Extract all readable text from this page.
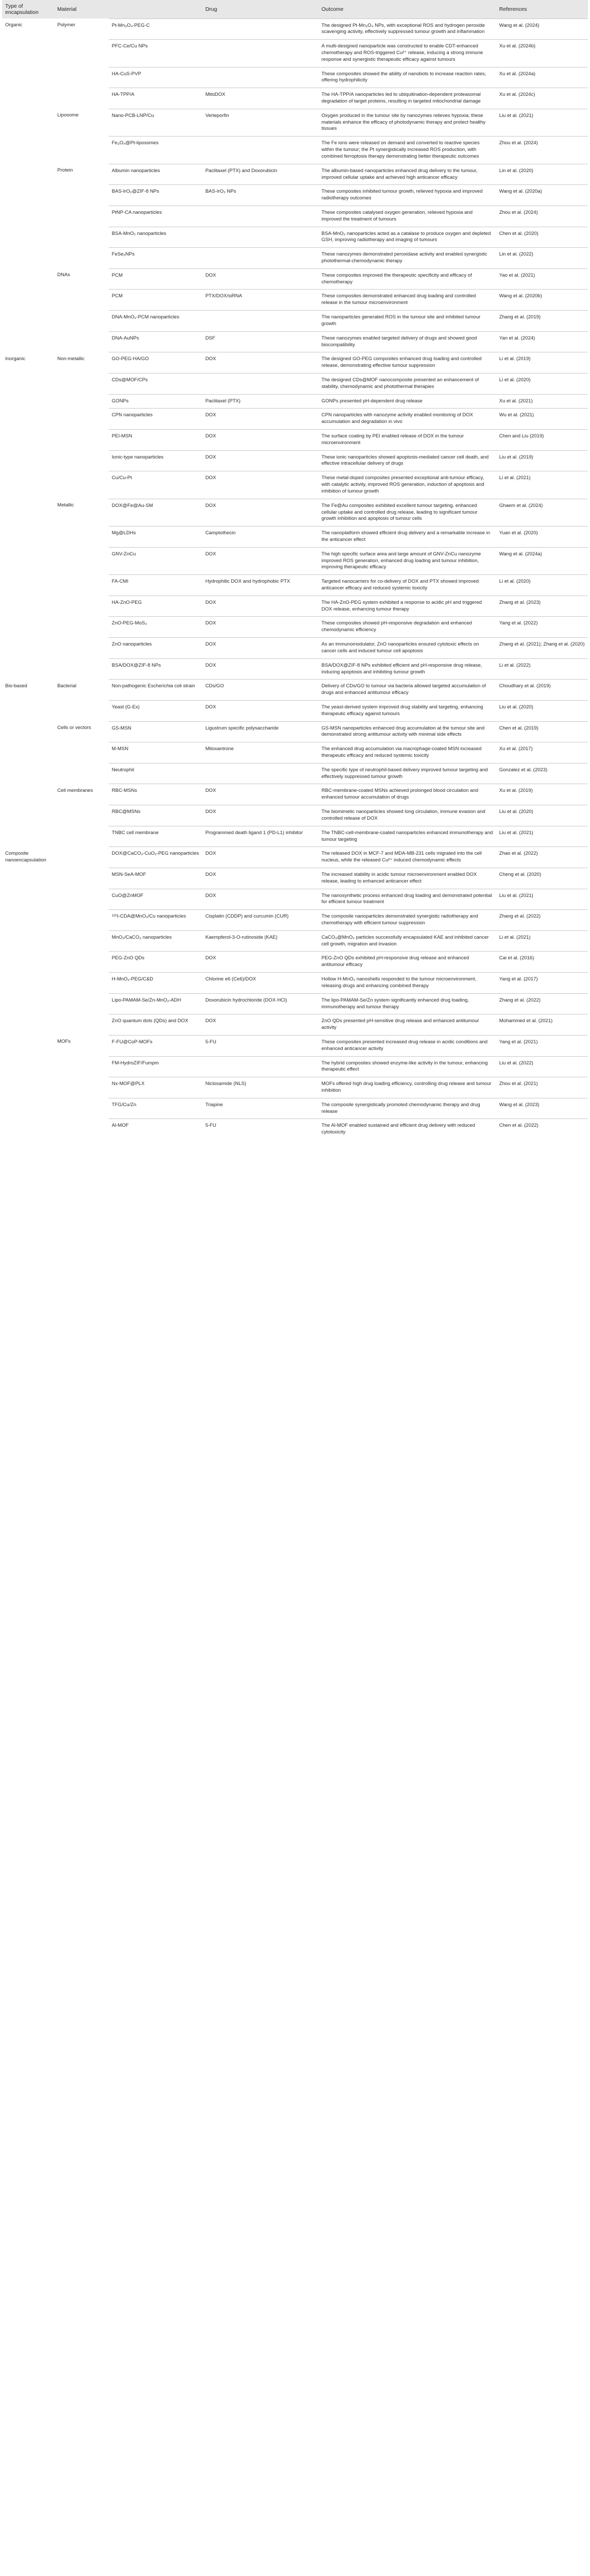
Type of encapsulation	Material		Drug	Outcome	References
Organic	Polymer	Pt-Mn₃O₄-PEG-C		The designed Pt-Mn₃O₄ NPs, with exceptional ROS and hydrogen peroxide scavenging activity, effectively suppressed tumour growth and inflammation	Wang et al. (2024)
		PFC-Ce/Cu NPs		A multi-designed nanoparticle was constructed to enable CDT-enhanced chemotherapy and ROS-triggered Cu²⁺ release, inducing a strong immune response and synergistic therapeutic efficacy against tumours	Xu et al. (2024b)
		HA-CuS-PVP		These composites showed the ability of nanobots to increase reaction rates, offering hydrophilicity	Xu et al. (2024a)
		HA-TPP/A	MitoDOX	The HA-TPP/A nanoparticles led to ubiquitination-dependent proteasomal degradation of target proteins, resulting in targeted mitochondrial damage	Xu et al. (2024c)
	Liposome	Nano-PCB-LNP/Cu	Verteporfin	Oxygen produced in the tumour site by nanozymes relieves hypoxia; these materials enhance the efficacy of photodynamic therapy and protect healthy tissues	Liu et al. (2021)
		Fe₃O₄@Pt-liposomes		The Fe ions were released on demand and converted to reactive species within the tumour; the Pt synergistically increased ROS production, with combined ferroptosis therapy demonstrating better therapeutic outcomes	Zhou et al. (2024)
	Protein	Albumin nanoparticles	Paclitaxel (PTX) and Doxorubicin	The albumin-based nanoparticles enhanced drug delivery to the tumour, improved cellular uptake and achieved high anticancer efficacy	Lin et al. (2020)
		BAS-IrO₂@ZIF-8 NPs	BAS-IrO₂ NPs	These composites inhibited tumour growth, relieved hypoxia and improved radiotherapy outcomes	Wang et al. (2020a)
		PtNP-CA nanoparticles		These composites catalysed oxygen generation, relieved hypoxia and improved the treatment of tumours	Zhou et al. (2024)
		BSA-MnO₂ nanoparticles		BSA-MnO₂ nanoparticles acted as a catalase to produce oxygen and depleted GSH, improving radiotherapy and imaging of tumours	Chen et al. (2020)
		FeSe₂NPs		These nanozymes demonstrated peroxidase activity and enabled synergistic photothermal-chemodynamic therapy	Lin et al. (2022)
	DNAs	PCM	DOX	These composites improved the therapeutic specificity and efficacy of chemotherapy	Yao et al. (2021)
		PCM	PTX/DOX/siRNA	These composites demonstrated enhanced drug loading and controlled release in the tumour microenvironment	Wang et al. (2020b)
		DNA-MnO₂-PCM nanoparticles		The nanoparticles generated ROS in the tumour site and inhibited tumour growth	Zhang et al. (2019)
		DNA-AuNPs	DSF	These nanozymes enabled targeted delivery of drugs and showed good biocompatibility	Yan et al. (2024)
Inorganic	Non-metallic	GO-PEG-HA/GO	DOX	The designed GO-PEG composites enhanced drug loading and controlled release, demonstrating effective tumour suppression	Li et al. (2019)
		CDs@MOF/CPs		The designed CDs@MOF nanocomposite presented an enhancement of stability, chemodynamic and photothermal therapies	Li et al. (2020)
		GONPs	Paclitaxel (PTX)	GONPs presented pH-dependent drug release	Xu et al. (2021)
		CPN nanoparticles	DOX	CPN nanoparticles with nanozyme activity enabled monitoring of DOX accumulation and degradation in vivo	Wu et al. (2021)
		PEI-MSN	DOX	The surface coating by PEI enabled release of DOX in the tumour microenvironment	Chen and Liu (2019)
		Ionic-type nanoparticles	DOX	These ionic nanoparticles showed apoptosis-mediated cancer cell death, and effective intracellular delivery of drugs	Liu et al. (2019)
		Cu/Cu-Pt	DOX	These metal-doped composites presented exceptional anti-tumour efficacy, with catalytic activity, improved ROS generation, induction of apoptosis and inhibition of tumour growth	Li et al. (2021)
	Metallic	DOX@Fe@Au-SM	DOX	The Fe@Au composites exhibited excellent tumour targeting, enhanced cellular uptake and controlled drug release, leading to significant tumour growth inhibition and apoptosis of tumour cells	Ghaem et al. (2024)
		Mg@LDHs	Camptothecin	The nanoplatform showed efficient drug delivery and a remarkable increase in the anticancer effect	Yuan et al. (2020)
		GNV-ZnCu	DOX	The high specific surface area and large amount of GNV-ZnCu nanozyme improved ROS generation, enhanced drug loading and tumour inhibition, improving therapeutic efficacy	Wang et al. (2024a)
		FA-CMI	Hydrophilic DOX and hydrophobic PTX	Targeted nanocarriers for co-delivery of DOX and PTX showed improved anticancer efficacy and reduced systemic toxicity	Li et al. (2020)
		HA-ZnO-PEG	DOX	The HA-ZnO-PEG system exhibited a response to acidic pH and triggered DOX release, enhancing tumour therapy	Zhang et al. (2023)
		ZnO-PEG-MoS₂	DOX	These composites showed pH-responsive degradation and enhanced chemodynamic efficiency	Yang et al. (2022)
		ZnO nanoparticles	DOX	As an immunomodulator, ZnO nanoparticles ensured cytotoxic effects on cancer cells and induced tumour cell apoptosis	Zhang et al. (2021); Zhang et al. (2020)
		BSA/DOX@ZIF-8 NPs	DOX	BSA/DOX@ZIF-8 NPs exhibited efficient and pH-responsive drug release, inducing apoptosis and inhibiting tumour growth	Li et al. (2022)
Bio-based	Bacterial	Non-pathogenic Escherichia coli strain	CDs/GO	Delivery of CDs/GO to tumour via bacteria allowed targeted accumulation of drugs and enhanced antitumour efficacy	Choudhary et al. (2019)
		Yeast (G-Ex)	DOX	The yeast-derived system improved drug stability and targeting, enhancing therapeutic efficacy against tumours	Liu et al. (2020)
	Cells or vectors	GS-MSN	Ligustrum specific polysaccharide	GS-MSN nanoparticles enhanced drug accumulation at the tumour site and demonstrated strong antitumour activity with minimal side effects	Chen et al. (2019)
		M-MSN	Mitoxantrone	The enhanced drug accumulation via macrophage-coated MSN increased therapeutic efficacy and reduced systemic toxicity	Xu et al. (2017)
		Neutrophil		The specific type of neutrophil-based delivery improved tumour targeting and effectively suppressed tumour growth	Gonzalez et al. (2023)
	Cell membranes	RBC-MSNs	DOX	RBC-membrane-coated MSNs achieved prolonged blood circulation and enhanced tumour accumulation of drugs	Xu et al. (2019)
		RBC@MSNs	DOX	The biomimetic nanoparticles showed long circulation, immune evasion and controlled release of DOX	Liu et al. (2020)
		TNBC cell membrane	Programmed death ligand 1 (PD-L1) inhibitor	The TNBC-cell-membrane-coated nanoparticles enhanced immunotherapy and tumour targeting	Liu et al. (2021)
Composite nanoencapsulation		DOX@CaCO₃-CuO₂-PEG nanoparticles	DOX	The released DOX in MCF-7 and MDA-MB-231 cells migrated into the cell nucleus, while the released Cu²⁺ induced chemodynamic effects	Zhao et al. (2022)
		MSN-SeA-MOF	DOX	The increased stability in acidic tumour microenvironment enabled DOX release, leading to enhanced anticancer effect	Cheng et al. (2020)
		CuO@ZnMOF	DOX	The nanosynthetic process enhanced drug loading and demonstrated potential for efficient tumour treatment	Liu et al. (2021)
		¹²⁵I-CDA@MnO₂/Cu nanoparticles	Cisplatin (CDDP) and curcumin (CUR)	The composite nanoparticles demonstrated synergistic radiotherapy and chemotherapy with efficient tumour suppression	Zhang et al. (2022)
		MnO₂/CaCO₃ nanoparticles	Kaempferol-3-O-rutinoside (KAE)	CaCO₃@MnO₂ particles successfully encapsulated KAE and inhibited cancer cell growth, migration and invasion	Li et al. (2021)
		PEG-ZnO QDs	DOX	PEG-ZnO QDs exhibited pH-responsive drug release and enhanced antitumour efficacy	Cai et al. (2016)
		H-MnO₂-PEG/C&D	Chlorine e6 (Ce6)/DOX	Hollow H-MnO₂ nanoshells responded to the tumour microenvironment, releasing drugs and enhancing combined therapy	Yang et al. (2017)
		Lipo-PAMAM-Se/Zn-MnO₂-ADH	Doxorubicin hydrochloride (DOX·HCl)	The lipo-PAMAM-Se/Zn system significantly enhanced drug loading, immunotherapy and tumour therapy	Zhang et al. (2022)
		ZnO quantum dots (QDs) and DOX	DOX	ZnO QDs presented pH-sensitive drug release and enhanced antitumour activity	Mohammed et al. (2021)
	MOFs	F-FU@CoP-MOFs	5-FU	These composites presented increased drug release in acidic conditions and enhanced anticancer activity	Yang et al. (2021)
		FM-HydroZIF/Fumpm		The hybrid composites showed enzyme-like activity in the tumour, enhancing therapeutic effect	Liu et al. (2022)
		Nx-MOF@PLX	Niclosamide (NLS)	MOFs offered high drug loading efficiency, controlling drug release and tumour inhibition	Zhou et al. (2021)
		TFG/Cu/Zn	Triapine	The composite synergistically promoted chemodynamic therapy and drug release	Wang et al. (2023)
		Al-MOF	5-FU	The Al-MOF enabled sustained and efficient drug delivery with reduced cytotoxicity	Chen et al. (2022)
